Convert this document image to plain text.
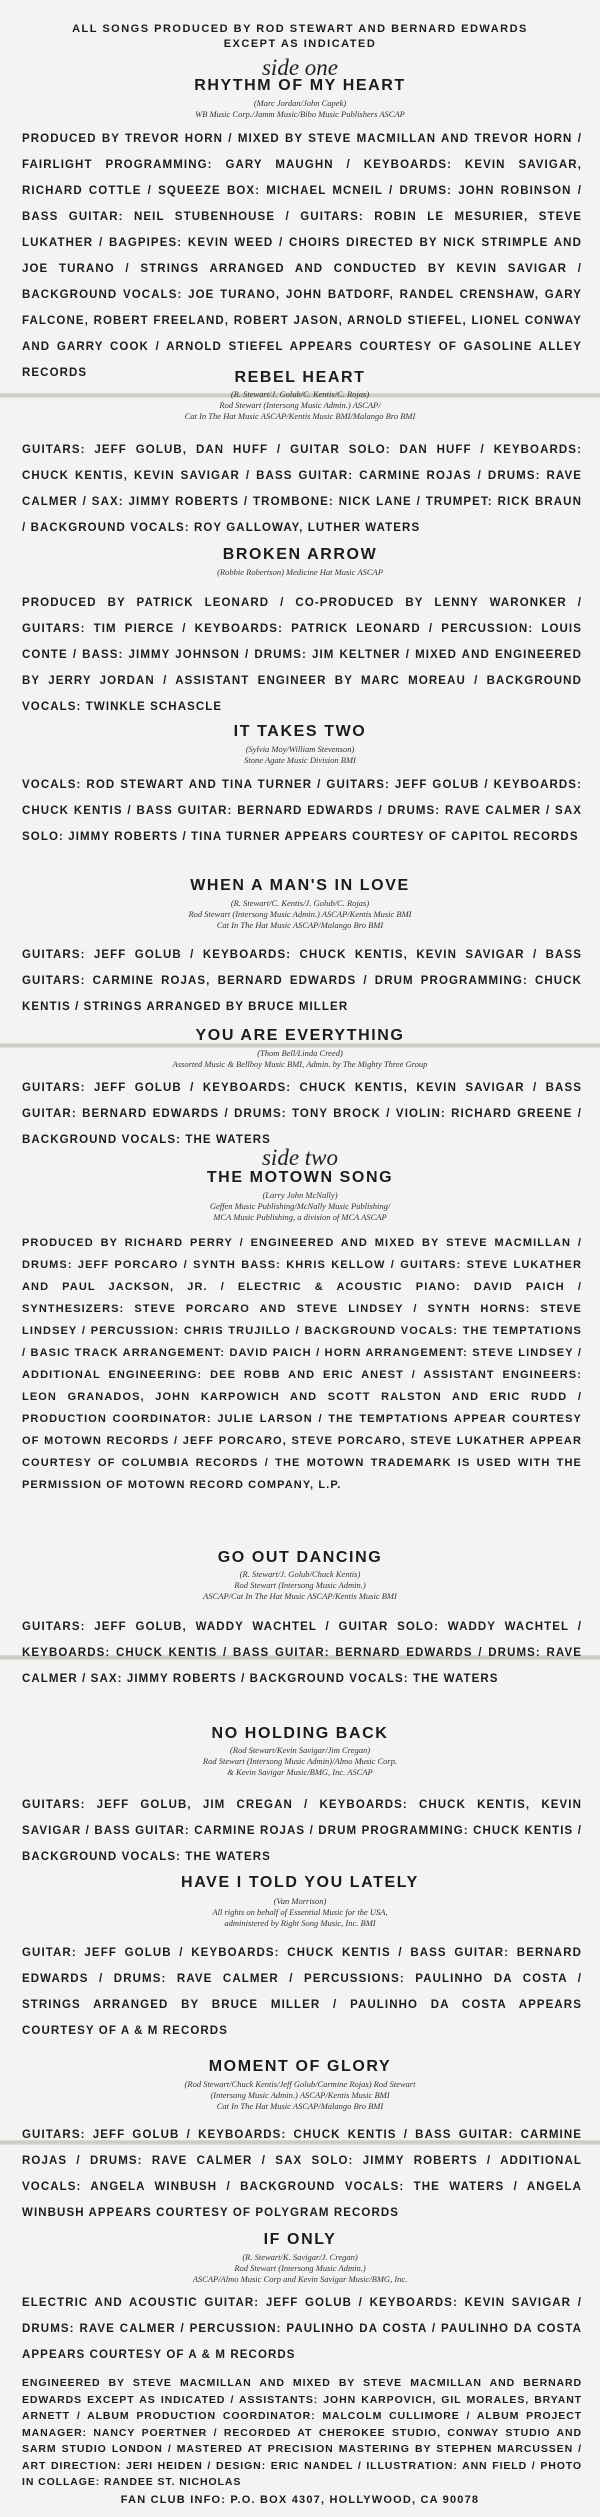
ALL SONGS PRODUCED BY ROD STEWART AND BERNARD EDWARDS
EXCEPT AS INDICATED
side one
RHYTHM OF MY HEART
(Marc Jordan/John Capek)
WB Music Corp./Jamm Music/Bibo Music Publishers ASCAP
PRODUCED BY TREVOR HORN / MIXED BY STEVE MACMILLAN AND TREVOR HORN / FAIRLIGHT PROGRAMMING: GARY MAUGHN / KEYBOARDS: KEVIN SAVIGAR, RICHARD COTTLE / SQUEEZE BOX: MICHAEL MCNEIL / DRUMS: JOHN ROBINSON / BASS GUITAR: NEIL STUBENHOUSE / GUITARS: ROBIN LE MESURIER, STEVE LUKATHER / BAGPIPES: KEVIN WEED / CHOIRS DIRECTED BY NICK STRIMPLE AND JOE TURANO / STRINGS ARRANGED AND CONDUCTED BY KEVIN SAVIGAR / BACKGROUND VOCALS: JOE TURANO, JOHN BATDORF, RANDEL CRENSHAW, GARY FALCONE, ROBERT FREELAND, ROBERT JASON, ARNOLD STIEFEL, LIONEL CONWAY AND GARRY COOK / ARNOLD STIEFEL APPEARS COURTESY OF GASOLINE ALLEY RECORDS	REBEL HEART
(R. Stewart/J. Golub/C. Kentis/C. Rojas)
Rod Stewart (Intersong Music Admin.) ASCAP/
Cat In The Hat Music ASCAP/Kentis Music BMI/Malango Bro BMI
GUITARS: JEFF GOLUB, DAN HUFF / GUITAR SOLO: DAN HUFF / KEYBOARDS: CHUCK KENTIS, KEVIN SAVIGAR / BASS GUITAR: CARMINE ROJAS / DRUMS: RAVE CALMER / SAX: JIMMY ROBERTS / TROMBONE: NICK LANE / TRUMPET: RICK BRAUN / BACKGROUND VOCALS: ROY GALLOWAY, LUTHER WATERS
BROKEN ARROW
(Robbie Robertson) Medicine Hat Music ASCAP
PRODUCED BY PATRICK LEONARD / CO-PRODUCED BY LENNY WARONKER / GUITARS: TIM PIERCE / KEYBOARDS: PATRICK LEONARD / PERCUSSION: LOUIS CONTE / BASS: JIMMY JOHNSON / DRUMS: JIM KELTNER / MIXED AND ENGINEERED BY JERRY JORDAN / ASSISTANT ENGINEER BY MARC MOREAU / BACKGROUND VOCALS: TWINKLE SCHASCLE
IT TAKES TWO
(Sylvia Moy/William Stevenson)
Stone Agate Music Division BMI
VOCALS: ROD STEWART AND TINA TURNER / GUITARS: JEFF GOLUB / KEYBOARDS: CHUCK KENTIS / BASS GUITAR: BERNARD EDWARDS / DRUMS: RAVE CALMER / SAX SOLO: JIMMY ROBERTS / TINA TURNER APPEARS COURTESY OF CAPITOL RECORDS
WHEN A MAN'S IN LOVE
(R. Stewart/C. Kentis/J. Golub/C. Rojas)
Rod Stewart (Intersong Music Admin.) ASCAP/Kentis Music BMI
Cat In The Hat Music ASCAP/Malango Bro BMI
GUITARS: JEFF GOLUB / KEYBOARDS: CHUCK KENTIS, KEVIN SAVIGAR / BASS GUITARS: CARMINE ROJAS, BERNARD EDWARDS / DRUM PROGRAMMING: CHUCK KENTIS / STRINGS ARRANGED BY BRUCE MILLER
YOU ARE EVERYTHING
(Thom Bell/Linda Creed)
Assorted Music & Bellboy Music BMI, Admin. by The Mighty Three Group
GUITARS: JEFF GOLUB / KEYBOARDS: CHUCK KENTIS, KEVIN SAVIGAR / BASS GUITAR: BERNARD EDWARDS / DRUMS: TONY BROCK / VIOLIN: RICHARD GREENE / BACKGROUND VOCALS: THE WATERS
side two
THE MOTOWN SONG
(Larry John McNally)
Geffen Music Publishing/McNally Music Publishing/
MCA Music Publishing, a division of MCA ASCAP
PRODUCED BY RICHARD PERRY / ENGINEERED AND MIXED BY STEVE MACMILLAN / DRUMS: JEFF PORCARO / SYNTH BASS: KHRIS KELLOW / GUITARS: STEVE LUKATHER AND PAUL JACKSON, JR. / ELECTRIC & ACOUSTIC PIANO: DAVID PAICH / SYNTHESIZERS: STEVE PORCARO AND STEVE LINDSEY / SYNTH HORNS: STEVE LINDSEY / PERCUSSION: CHRIS TRUJILLO / BACKGROUND VOCALS: THE TEMPTATIONS / BASIC TRACK ARRANGEMENT: DAVID PAICH / HORN ARRANGEMENT: STEVE LINDSEY / ADDITIONAL ENGINEERING: DEE ROBB AND ERIC ANEST / ASSISTANT ENGINEERS: LEON GRANADOS, JOHN KARPOWICH AND SCOTT RALSTON AND ERIC RUDD / PRODUCTION COORDINATOR: JULIE LARSON / THE TEMPTATIONS APPEAR COURTESY OF MOTOWN RECORDS / JEFF PORCARO, STEVE PORCARO, STEVE LUKATHER APPEAR COURTESY OF COLUMBIA RECORDS / THE MOTOWN TRADEMARK IS USED WITH THE PERMISSION OF MOTOWN RECORD COMPANY, L.P.
GO OUT DANCING
(R. Stewart/J. Golub/Chuck Kentis)
Rod Stewart (Intersong Music Admin.)
ASCAP/Cat In The Hat Music ASCAP/Kentis Music BMI
GUITARS: JEFF GOLUB, WADDY WACHTEL / GUITAR SOLO: WADDY WACHTEL / KEYBOARDS: CHUCK KENTIS / BASS GUITAR: BERNARD EDWARDS / DRUMS: RAVE CALMER / SAX: JIMMY ROBERTS / BACKGROUND VOCALS: THE WATERS
NO HOLDING BACK
(Rod Stewart/Kevin Savigar/Jim Cregan)
Rod Stewart (Intersong Music Admin)/Almo Music Corp.
& Kevin Savigar Music/BMG, Inc. ASCAP
GUITARS: JEFF GOLUB, JIM CREGAN / KEYBOARDS: CHUCK KENTIS, KEVIN SAVIGAR / BASS GUITAR: CARMINE ROJAS / DRUM PROGRAMMING: CHUCK KENTIS / BACKGROUND VOCALS: THE WATERS
HAVE I TOLD YOU LATELY
(Van Morrison)
All rights on behalf of Essential Music for the USA,
administered by Right Song Music, Inc. BMI
GUITAR: JEFF GOLUB / KEYBOARDS: CHUCK KENTIS / BASS GUITAR: BERNARD EDWARDS / DRUMS: RAVE CALMER / PERCUSSIONS: PAULINHO DA COSTA / STRINGS ARRANGED BY BRUCE MILLER / PAULINHO DA COSTA APPEARS COURTESY OF A & M RECORDS
MOMENT OF GLORY
(Rod Stewart/Chuck Kentis/Jeff Golub/Carmine Rojas) Rod Stewart
(Intersong Music Admin.) ASCAP/Kentis Music BMI
Cat In The Hat Music ASCAP/Malango Bro BMI
GUITARS: JEFF GOLUB / KEYBOARDS: CHUCK KENTIS / BASS GUITAR: CARMINE ROJAS / DRUMS: RAVE CALMER / SAX SOLO: JIMMY ROBERTS / ADDITIONAL VOCALS: ANGELA WINBUSH / BACKGROUND VOCALS: THE WATERS / ANGELA WINBUSH APPEARS COURTESY OF POLYGRAM RECORDS
IF ONLY
(R. Stewart/K. Savigar/J. Cregan)
Rod Stewart (Intersong Music Admin.)
ASCAP/Almo Music Corp and Kevin Savigar Music/BMG, Inc.
ELECTRIC AND ACOUSTIC GUITAR: JEFF GOLUB / KEYBOARDS: KEVIN SAVIGAR / DRUMS: RAVE CALMER / PERCUSSION: PAULINHO DA COSTA / PAULINHO DA COSTA APPEARS COURTESY OF A & M RECORDS
ENGINEERED BY STEVE MACMILLAN AND MIXED BY STEVE MACMILLAN AND BERNARD EDWARDS EXCEPT AS INDICATED / ASSISTANTS: JOHN KARPOVICH, GIL MORALES, BRYANT ARNETT / ALBUM PRODUCTION COORDINATOR: MALCOLM CULLIMORE / ALBUM PROJECT MANAGER: NANCY POERTNER / RECORDED AT CHEROKEE STUDIO, CONWAY STUDIO AND SARM STUDIO LONDON / MASTERED AT PRECISION MASTERING BY STEPHEN MARCUSSEN / ART DIRECTION: JERI HEIDEN / DESIGN: ERIC NANDEL / ILLUSTRATION: ANN FIELD / PHOTO IN COLLAGE: RANDEE ST. NICHOLAS
FAN CLUB INFO: P.O. BOX 4307, HOLLYWOOD, CA 90078
